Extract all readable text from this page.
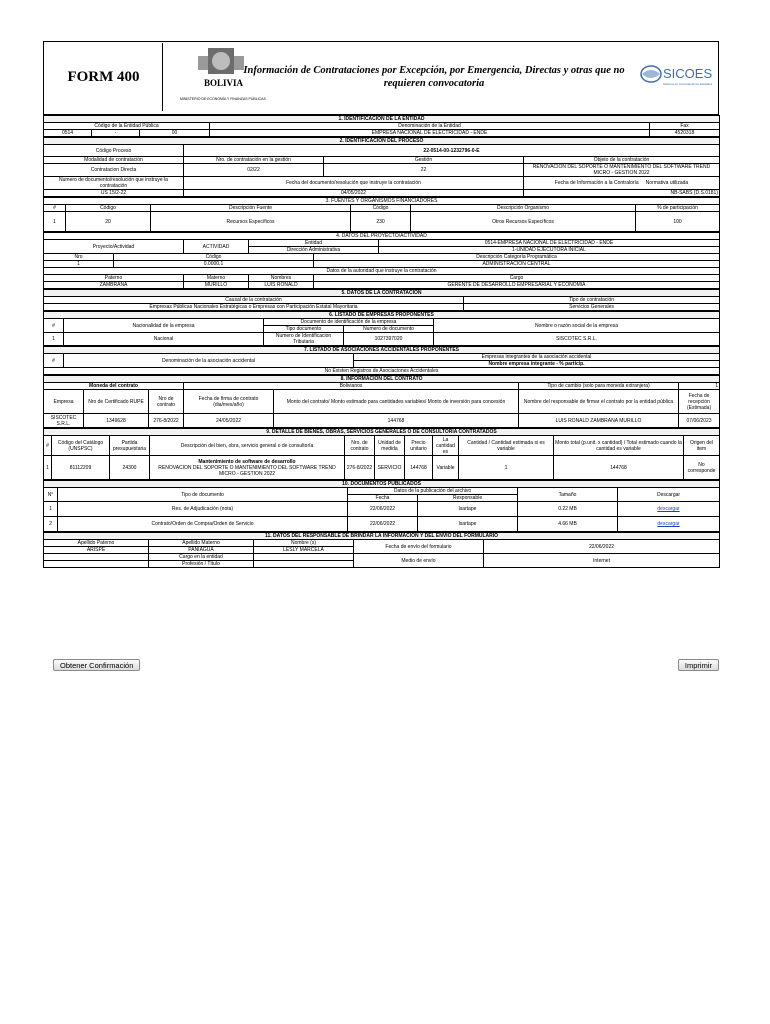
FORM 400	BOLIVIA
MINISTERIO DE ECONOMÍA Y FINANZAS PÚBLICAS
Información de Contrataciones por Excepción, por Emergencia, Directas y otras que no requieren convocatoria
SICOES
Sistema de Contrataciones Estatales
1. IDENTIFICACIÓN DE LA ENTIDAD				
Código de la Entidad Pública			Denominación de la Entidad	Fax
0514	-	00	EMPRESA NACIONAL DE ELECTRICIDAD - ENDE	4520318
2. IDENTIFICACIÓN DEL PROCESO			
Código Proceso	22-0514-00-1232796-0-E		
Modalidad de contratación	Nro. de contratación en la gestión	Gestión	Objeto de la contratación
Contratacion Directa	02/22	22	RENOVACION DEL SOPORTE O MANTENIMIENTO DEL SOFTWARE TREND MICRO - GESTION 2022
Numero de documento/resolución que instruye la contratación	Fecha del documento/resolución que instruye la contratación		Fecha de Información a la Contraloría Normativa utilizada
US 15/2-22	04/05/2022		NB-SABS (D.S.0181)
3. FUENTES Y ORGANISMOS FINANCIADORES					
#	Código	Descripción Fuente	Código	Descripción Organismo	% de participación
1	20	Recursos Específicos	230	Otros Recursos Específicos	100
4. DATOS DEL PROYECTO/ACTIVIDAD					
Proyecto/Actividad		ACTIVIDAD	Entidad		0514-EMPRESA NACIONAL DE ELECTRICIDAD - ENDE
			Dirección Administrativa		1-UNIDAD EJECUTORA INICIAL
Nro	Código			Descripción Categoría Programática	
1	0.0000.1			ADMINISTRACION CENTRAL	
Datos de la autoridad que instruye la contratación					
Paterno		Materno	Nombres	Cargo	
ZAMBRANA		MURILLO	LUIS RONALD	GERENTE DE DESARROLLO EMPRESARIAL Y ECONOMIA	
5. DATOS DE LA CONTRATACIÓN	
Causal de la contratación	Tipo de contratación
Empresas Públicas Nacionales Estratégicas o Empresas con Participación Estatal Mayoritaria	Servicios Generales
6. LISTADO DE EMPRESAS PROPONENTES				
#	Nacionalidad de la empresa	Documento de identificación de la empresa		Nombre o razón social de la empresa
		Tipo documento	Numero de documento	
1	Nacional	Numero de Identificacion Tributaria	1027397020	SISCOTEC S.R.L.
7. LISTADO DE ASOCIACIONES ACCIDENTALES PROPONENTES
#	Denominación de la asociación accidental	Empresas integrantes de la asociación accidental
Nombre empresa integrante - % particip.
No Existen Registros de Asociaciones Accidentales
8. INFORMACIÓN DEL CONTRATO						
Moneda del contrato			Bolivianos		Tipo de cambio (solo para moneda extranjera)	1
Empresa	Nro de Certificado RUPE	Nro de contrato	Fecha de firma de contrato (dia/mes/año)	Monto del contrato/ Monto estimado para cantidades variables/ Monto de inversión para concesión	Nombre del responsable de firmar el contrato por la entidad pública	Fecha de recepción (Estimada)
SISCOTEC S.R.L.	1349628	276-8/2022	24/05/2022	144768	LUIS RONALD ZAMBRANA MURILLO	07/06/2023
9. DETALLE DE BIENES, OBRAS, SERVICIOS GENERALES O DE CONSULTORIA CONTRATADOS										
#	Código del Catálogo (UNSPSC)	Partida presupuestaria	Descripción del bien, obra, servicio general o de consultoría	Nro. de contrato	Unidad de medida	Precio unitario	La cantidad es	Cantidad / Cantidad estimada si es variable	Monto total (p.unit. x cantidad) / Total estimado cuando la cantidad es variable	Origen del item
1	81112209	24300	Mantenimiento de software de desarrollo
RENOVACION DEL SOPORTE O MANTENIMIENTO DEL SOFTWARE TREND MICRO - GESTION 2022	276-8/2022	SERVICIO	144768	Variable	1	144768	No corresponde
10. DOCUMENTOS PUBLICADOS					
N°	Tipo de documento	Datos de la publicación del archivo		Tamaño	Descargar
		Fecha	Responsable		
1	Res. de Adjudicación (nota)	22/06/2022	lsartape	0.22 MB	descargar
2	Contrato/Orden de Compra/Orden de Servicio	22/06/2022	lsartape	4.66 MB	descargar
11. DATOS DEL RESPONSABLE DE BRINDAR LA INFORMACION Y DEL ENVIO DEL FORMULARIO				
Apellido Paterno	Apellido Materno	Nombre (s)	Fecha de envío del formulario	22/06/2022
ARISPE	PANIAGUA	LESLY MARCELA		
	Cargo en la entidad		Medio de envío	Internet
	Profesión / Título			
Obtener Confirmación	Imprimir
